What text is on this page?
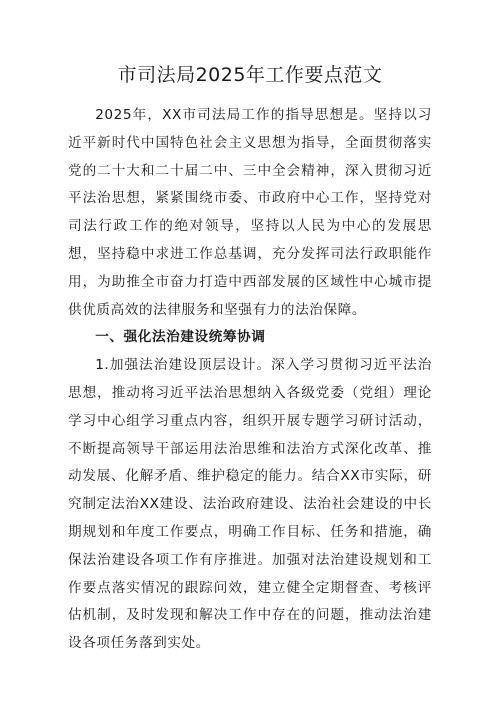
市司法局2025年工作要点范文

2025年，XX市司法局工作的指导思想是。坚持以习近平新时代中国特色社会主义思想为指导，全面贯彻落实党的二十大和二十届二中、三中全会精神，深入贯彻习近平法治思想，紧紧围绕市委、市政府中心工作，坚持党对司法行政工作的绝对领导，坚持以人民为中心的发展思想，坚持稳中求进工作总基调，充分发挥司法行政职能作用，为助推全市奋力打造中西部发展的区域性中心城市提供优质高效的法律服务和坚强有力的法治保障。

一、强化法治建设统筹协调

1.加强法治建设顶层设计。深入学习贯彻习近平法治思想，推动将习近平法治思想纳入各级党委（党组）理论学习中心组学习重点内容，组织开展专题学习研讨活动，不断提高领导干部运用法治思维和法治方式深化改革、推动发展、化解矛盾、维护稳定的能力。结合XX市实际，研究制定法治XX建设、法治政府建设、法治社会建设的中长期规划和年度工作要点，明确工作目标、任务和措施，确保法治建设各项工作有序推进。加强对法治建设规划和工作要点落实情况的跟踪问效，建立健全定期督查、考核评估机制，及时发现和解决工作中存在的问题，推动法治建设各项任务落到实处。
